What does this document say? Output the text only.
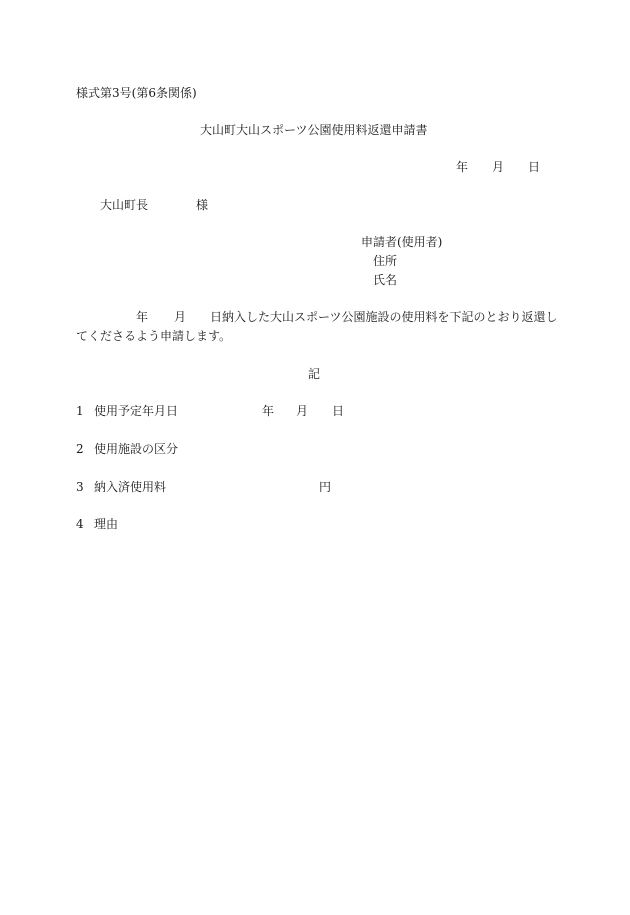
様式第3号(第6条関係)
大山町大山スポーツ公園使用料返還申請書
年 月 日
大山町長	様
申請者(使用者)
住所
氏名
年 月 日納入した大山スポーツ公園施設の使用料を下記のとおり返還し
てくださるよう申請します。
記
1 使用予定年月日	年 月 日
2 使用施設の区分
3 納入済使用料	円
4 理由
